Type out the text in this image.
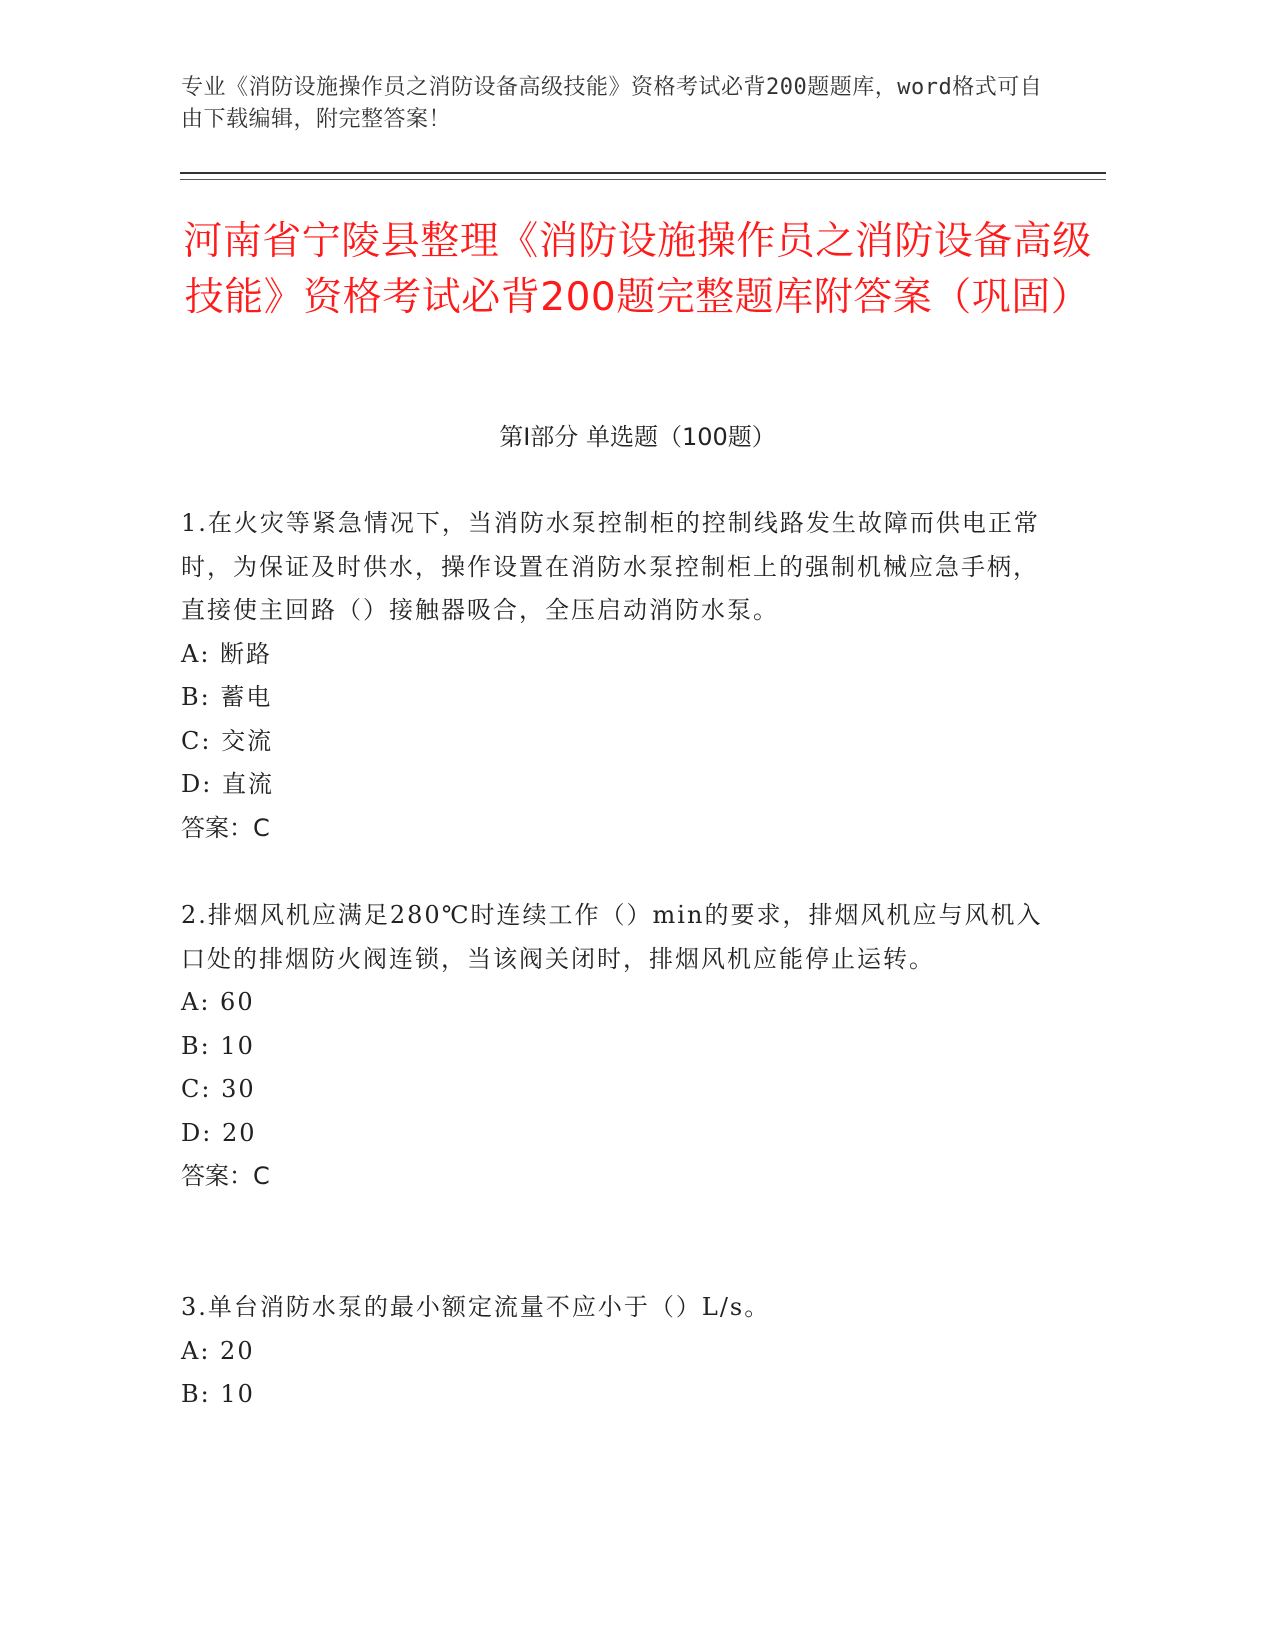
专业《消防设施操作员之消防设备高级技能》资格考试必背200题题库，word格式可自由下载编辑，附完整答案！
河南省宁陵县整理《消防设施操作员之消防设备高级技能》资格考试必背200题完整题库附答案（巩固）
第I部分 单选题（100题）
1.在火灾等紧急情况下，当消防水泵控制柜的控制线路发生故障而供电正常时，为保证及时供水，操作设置在消防水泵控制柜上的强制机械应急手柄，直接使主回路（）接触器吸合，全压启动消防水泵。
A: 断路
B: 蓄电
C: 交流
D: 直流
答案：C
2.排烟风机应满足280℃时连续工作（）min的要求，排烟风机应与风机入口处的排烟防火阀连锁，当该阀关闭时，排烟风机应能停止运转。
A: 60
B: 10
C: 30
D: 20
答案：C
3.单台消防水泵的最小额定流量不应小于（）L/s。
A: 20
B: 10
